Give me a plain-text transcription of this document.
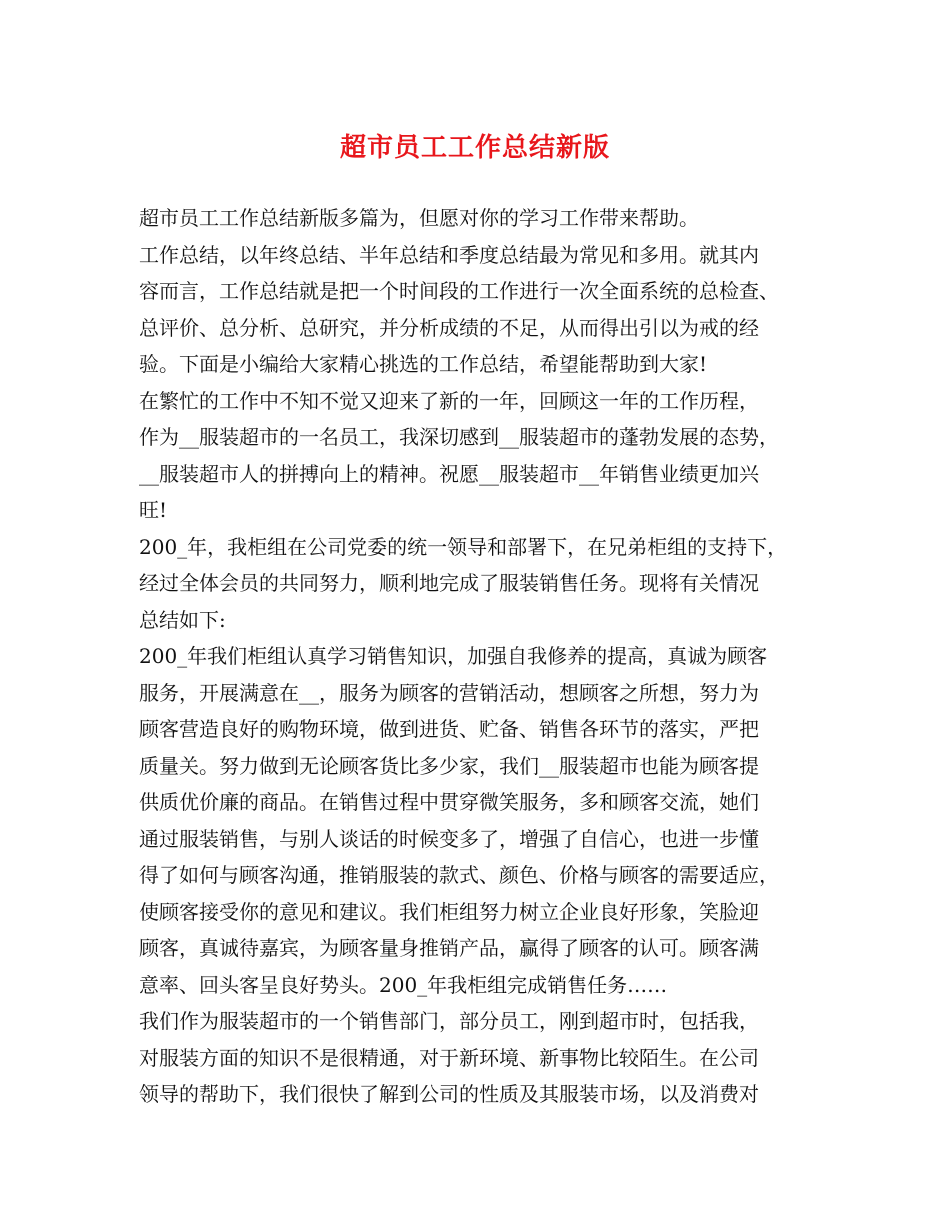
超市员工工作总结新版
超市员工工作总结新版多篇为，但愿对你的学习工作带来帮助。
工作总结，以年终总结、半年总结和季度总结最为常见和多用。就其内
容而言，工作总结就是把一个时间段的工作进行一次全面系统的总检查、
总评价、总分析、总研究，并分析成绩的不足，从而得出引以为戒的经
验。下面是小编给大家精心挑选的工作总结，希望能帮助到大家!
在繁忙的工作中不知不觉又迎来了新的一年，回顾这一年的工作历程，
作为__服装超市的一名员工，我深切感到__服装超市的蓬勃发展的态势，
__服装超市人的拼搏向上的精神。祝愿__服装超市__年销售业绩更加兴
旺!
200_年，我柜组在公司党委的统一领导和部署下，在兄弟柜组的支持下，
经过全体会员的共同努力，顺利地完成了服装销售任务。现将有关情况
总结如下:
200_年我们柜组认真学习销售知识，加强自我修养的提高，真诚为顾客
服务，开展满意在__，服务为顾客的营销活动，想顾客之所想，努力为
顾客营造良好的购物环境，做到进货、贮备、销售各环节的落实，严把
质量关。努力做到无论顾客货比多少家，我们__服装超市也能为顾客提
供质优价廉的商品。在销售过程中贯穿微笑服务，多和顾客交流，她们
通过服装销售，与别人谈话的时候变多了，增强了自信心，也进一步懂
得了如何与顾客沟通，推销服装的款式、颜色、价格与顾客的需要适应，
使顾客接受你的意见和建议。我们柜组努力树立企业良好形象，笑脸迎
顾客，真诚待嘉宾，为顾客量身推销产品，赢得了顾客的认可。顾客满
意率、回头客呈良好势头。200_年我柜组完成销售任务……
我们作为服装超市的一个销售部门，部分员工，刚到超市时，包括我，
对服装方面的知识不是很精通，对于新环境、新事物比较陌生。在公司
领导的帮助下，我们很快了解到公司的性质及其服装市场，以及消费对
